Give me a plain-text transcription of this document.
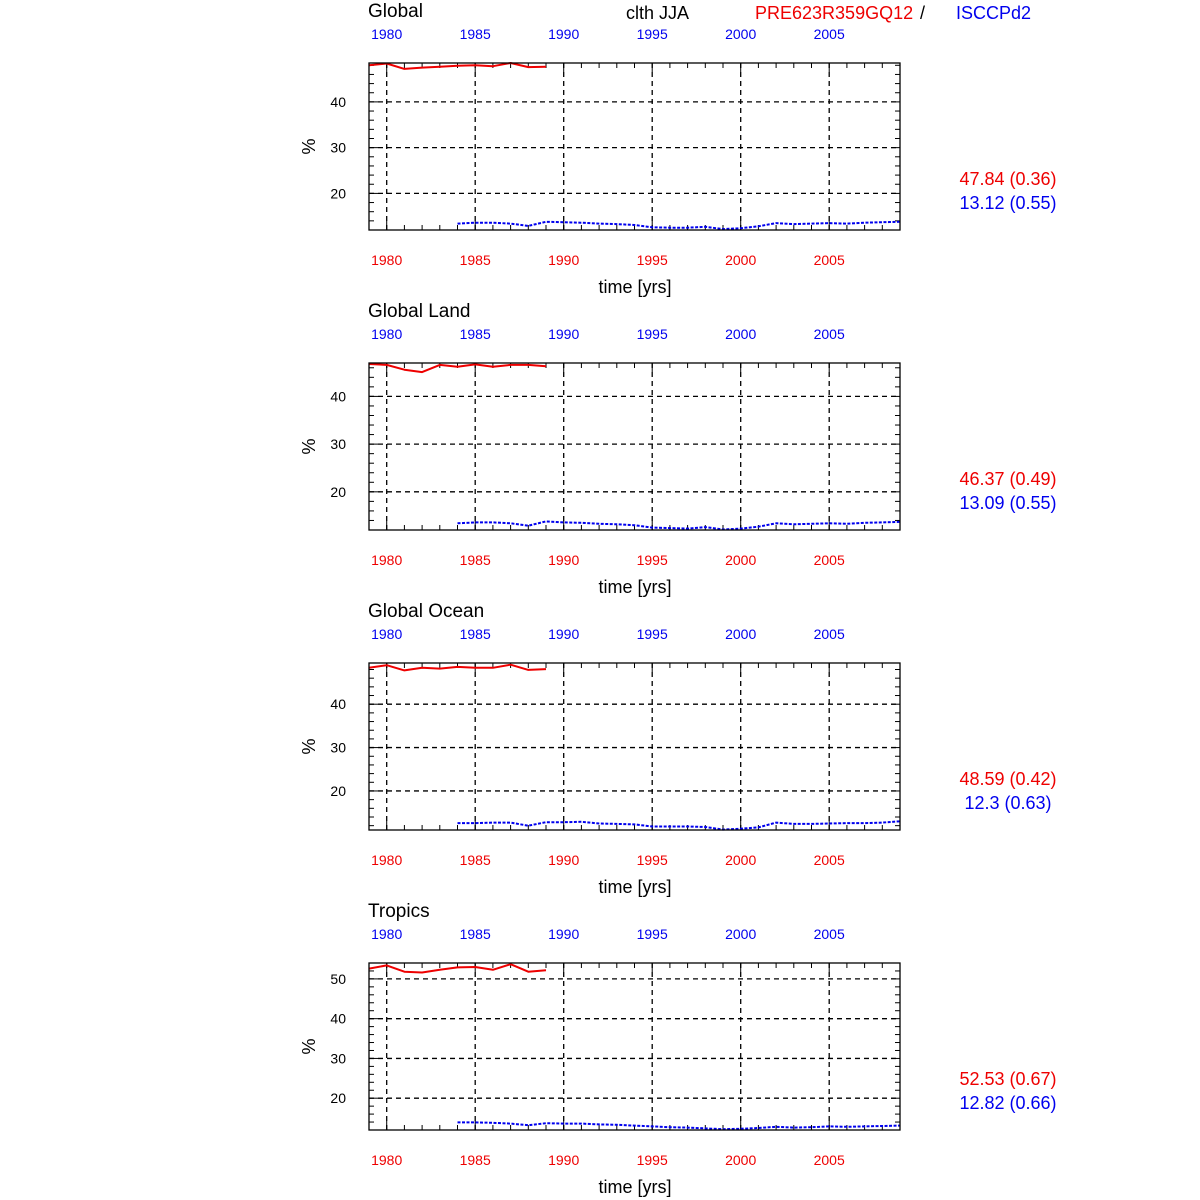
clth JJA	PRE623R359GQ12 / ISCCPd2
Global
20
30
40
%
1980	1985	1990	1995	2000	2005
1980	1985	1990	1995	2000	2005
time [yrs]
47.84 (0.36)
13.12 (0.55)
Global Land
20
30
40
%
1980	1985	1990	1995	2000	2005
1980	1985	1990	1995	2000	2005
time [yrs]
46.37 (0.49)
13.09 (0.55)
Global Ocean
20
30
40
%
1980	1985	1990	1995	2000	2005
1980	1985	1990	1995	2000	2005
time [yrs]
48.59 (0.42)
12.3 (0.63)
Tropics
20
30
40
50
%
1980	1985	1990	1995	2000	2005
1980	1985	1990	1995	2000	2005
time [yrs]
52.53 (0.67)
12.82 (0.66)
